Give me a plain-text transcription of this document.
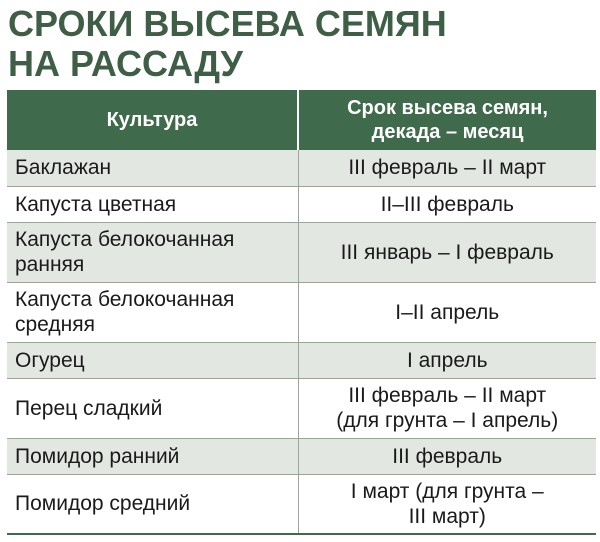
СРОКИ ВЫСЕВА СЕМЯН
НА РАССАДУ
Культура	Срок высева семян,
декада – месяц

Баклажан	III февраль – II март

Капуста цветная	II–III февраль

Капуста белокочанная
ранняя	III январь – I февраль

Капуста белокочанная
средняя	I–II апрель

Огурец	I апрель

Перец сладкий	III февраль – II март
(для грунта – I апрель)

Помидор ранний	III февраль

Помидор средний	I март (для грунта –
III март)
